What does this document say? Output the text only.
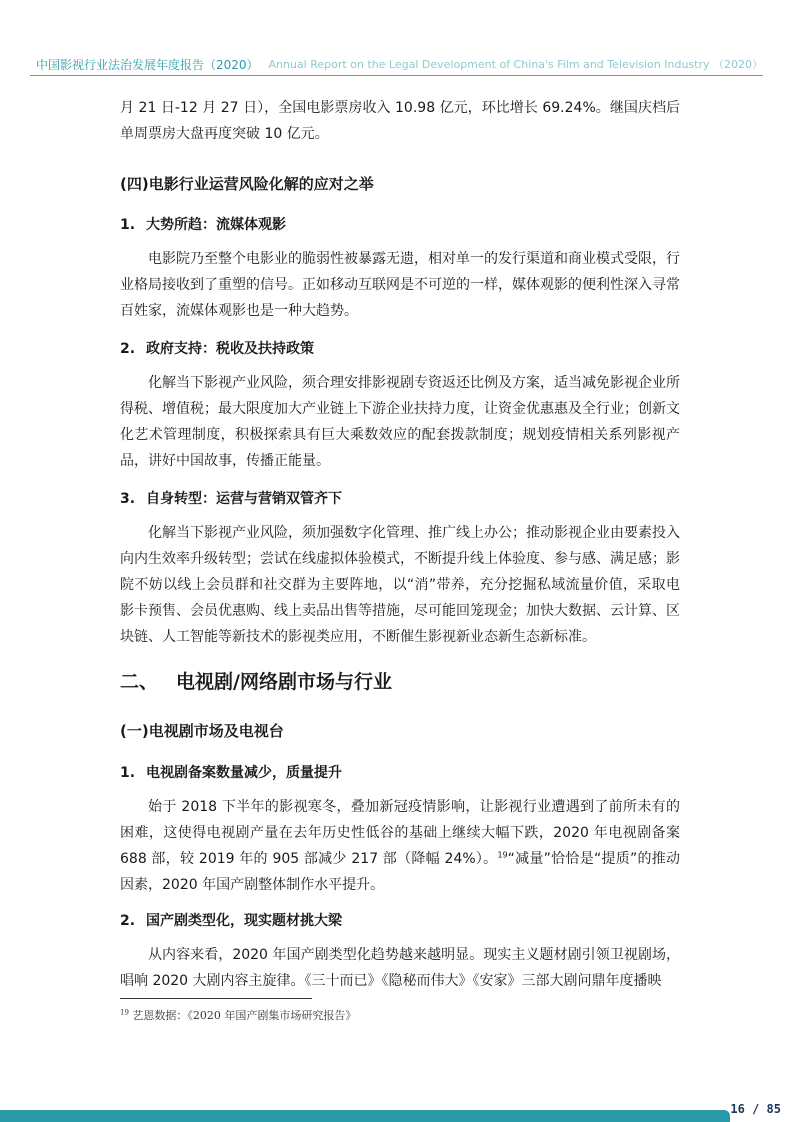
中国影视行业法治发展年度报告（2020） Annual Report on the Legal Development of China's Film and Television Industry （2020）

月 21 日-12 月 27 日），全国电影票房收入 10.98 亿元，环比增长 69.24%。继国庆档后单周票房大盘再度突破 10 亿元。

(四)电影行业运营风险化解的应对之举
1. 大势所趋：流媒体观影

电影院乃至整个电影业的脆弱性被暴露无遗，相对单一的发行渠道和商业模式受限，行业格局接收到了重塑的信号。正如移动互联网是不可逆的一样，媒体观影的便利性深入寻常百姓家，流媒体观影也是一种大趋势。

2. 政府支持：税收及扶持政策

化解当下影视产业风险，须合理安排影视剧专资返还比例及方案，适当减免影视企业所得税、增值税；最大限度加大产业链上下游企业扶持力度，让资金优惠惠及全行业；创新文化艺术管理制度，积极探索具有巨大乘数效应的配套拨款制度；规划疫情相关系列影视产品，讲好中国故事，传播正能量。

3. 自身转型：运营与营销双管齐下

化解当下影视产业风险，须加强数字化管理、推广线上办公；推动影视企业由要素投入向内生效率升级转型；尝试在线虚拟体验模式，不断提升线上体验度、参与感、满足感；影院不妨以线上会员群和社交群为主要阵地，以“消”带养，充分挖掘私域流量价值，采取电影卡预售、会员优惠购、线上卖品出售等措施，尽可能回笼现金；加快大数据、云计算、区块链、人工智能等新技术的影视类应用，不断催生影视新业态新生态新标准。

二、 电视剧/网络剧市场与行业
(一)电视剧市场及电视台
1. 电视剧备案数量减少，质量提升

始于 2018 下半年的影视寒冬，叠加新冠疫情影响，让影视行业遭遇到了前所未有的困难，这使得电视剧产量在去年历史性低谷的基础上继续大幅下跌，2020 年电视剧备案 688 部，较 2019 年的 905 部减少 217 部（降幅 24%）。$^{19}$“减量”恰恰是“提质”的推动因素，2020 年国产剧整体制作水平提升。

2. 国产剧类型化，现实题材挑大梁

从内容来看，2020 年国产剧类型化趋势越来越明显。现实主义题材剧引领卫视剧场，唱响 2020 大剧内容主旋律。《三十而已》《隐秘而伟大》《安家》三部大剧问鼎年度播映

$^{19}$ 艺恩数据：《2020 年国产剧集市场研究报告》
16 / 85
